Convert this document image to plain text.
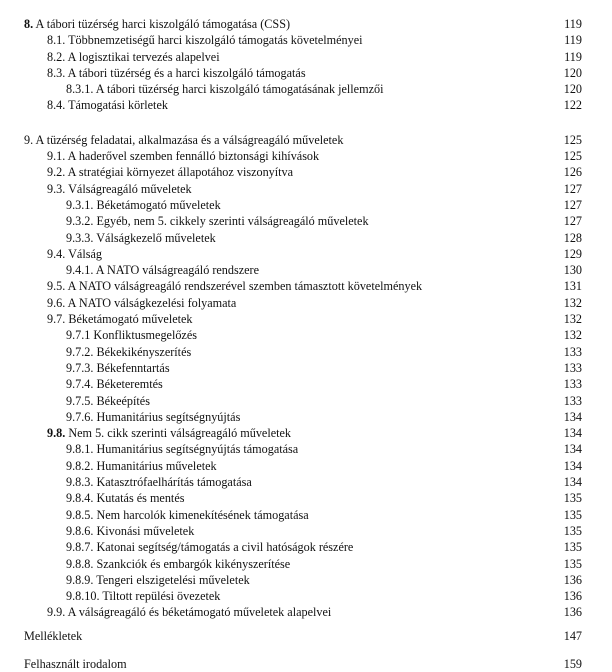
8. A tábori tüzérség harci kiszolgáló támogatása (CSS)	119
8.1. Többnemzetiségű harci kiszolgáló támogatás követelményei	119
8.2. A logisztikai tervezés alapelvei	119
8.3. A tábori tüzérség és a harci kiszolgáló támogatás	120
8.3.1. A tábori tüzérség harci kiszolgáló támogatásának jellemzői	120
8.4. Támogatási körletek	122
9. A tüzérség feladatai, alkalmazása és a válságreagáló műveletek	125
9.1. A haderővel szemben fennálló biztonsági kihívások	125
9.2. A stratégiai környezet állapotához viszonyítva	126
9.3. Válságreagáló műveletek	127
9.3.1. Béketámogató műveletek	127
9.3.2. Egyéb, nem 5. cikkely szerinti válságreagáló műveletek	127
9.3.3. Válságkezelő műveletek	128
9.4. Válság	129
9.4.1. A NATO válságreagáló rendszere	130
9.5. A NATO válságreagáló rendszerével szemben támasztott követelmények	131
9.6. A NATO válságkezelési folyamata	132
9.7. Béketámogató műveletek	132
9.7.1 Konfliktusmegelőzés	132
9.7.2. Békekikényszerítés	133
9.7.3. Békefenntartás	133
9.7.4. Béketeremtés	133
9.7.5. Békeépítés	133
9.7.6. Humanitárius segítségnyújtás	134
9.8. Nem 5. cikk szerinti válságreagáló műveletek	134
9.8.1. Humanitárius segítségnyújtás támogatása	134
9.8.2. Humanitárius műveletek	134
9.8.3. Katasztrófaelhárítás támogatása	134
9.8.4. Kutatás és mentés	135
9.8.5. Nem harcolók kimenekítésének támogatása	135
9.8.6. Kivonási műveletek	135
9.8.7. Katonai segítség/támogatás a civil hatóságok részére	135
9.8.8. Szankciók és embargók kikényszerítése	135
9.8.9. Tengeri elszigetelési műveletek	136
9.8.10. Tiltott repülési övezetek	136
9.9. A válságreagáló és béketámogató műveletek alapelvei	136
Mellékletek	147
Felhasznált irodalom	159
